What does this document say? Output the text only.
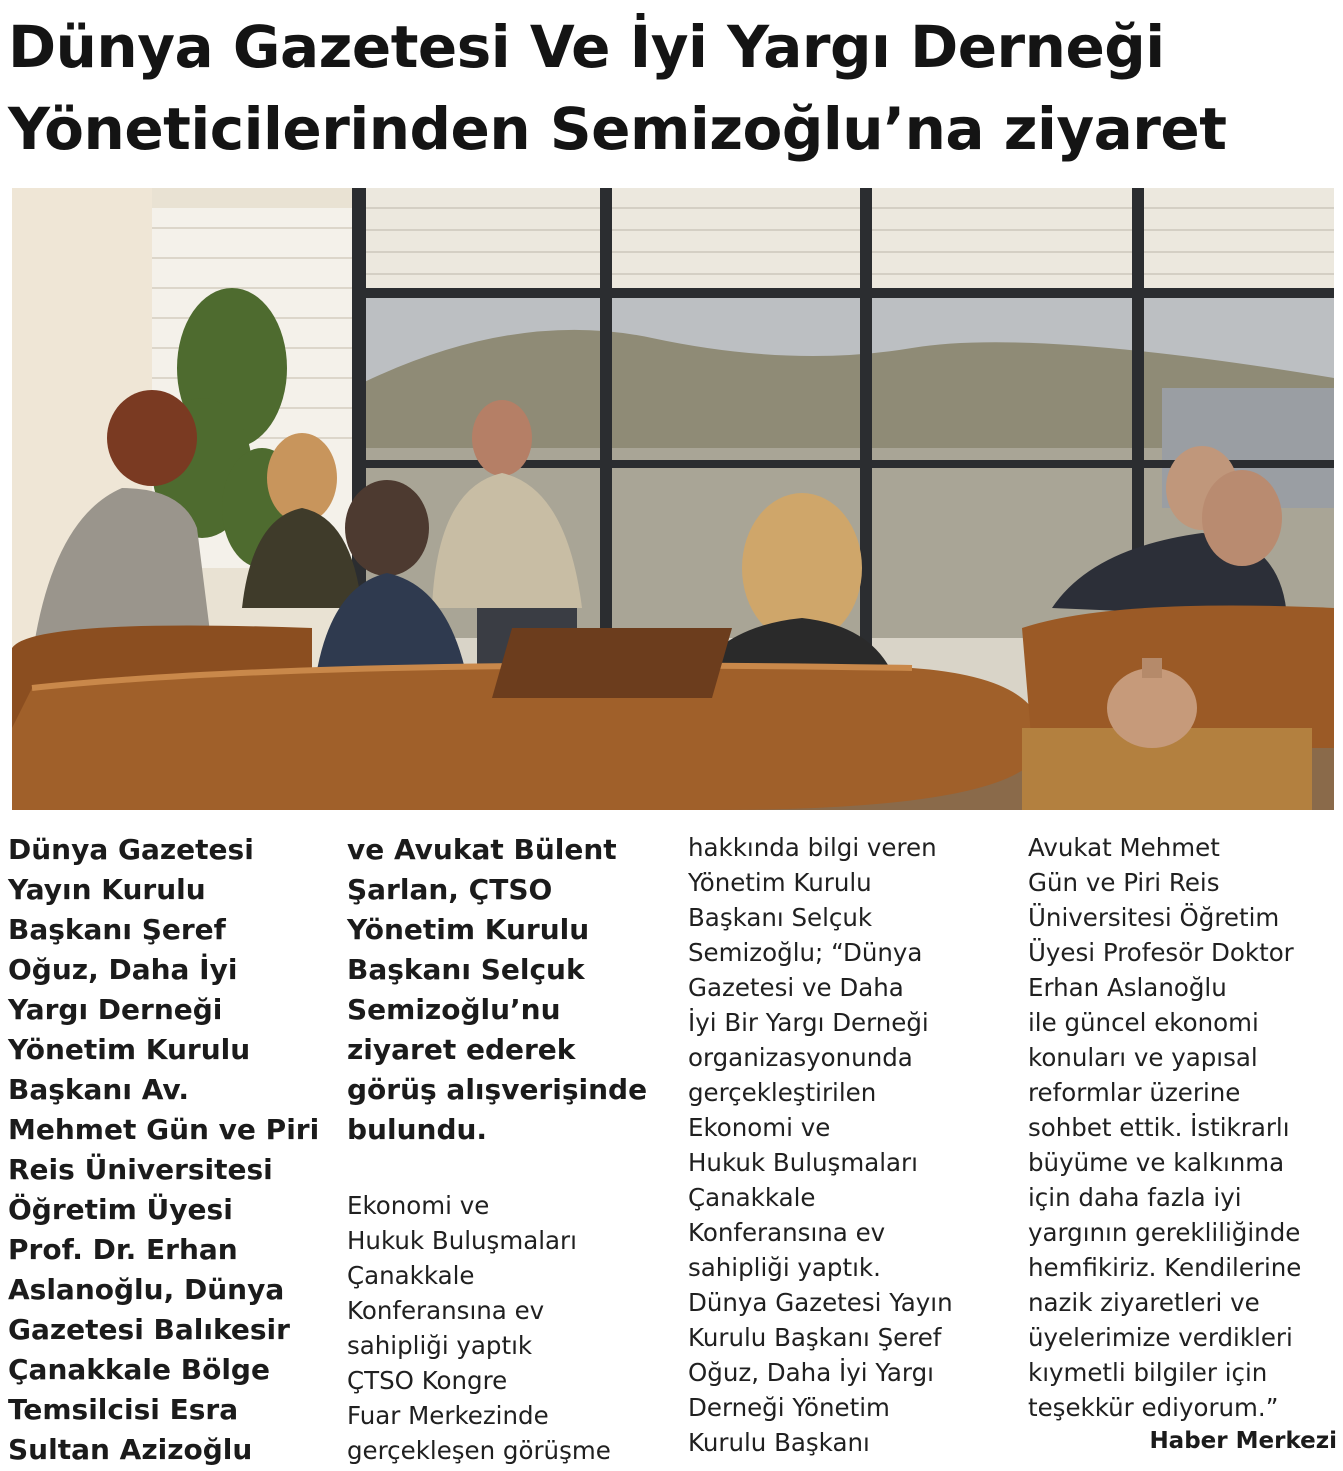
Dünya Gazetesi Ve İyi Yargı Derneği
Yöneticilerinden Semizoğlu’na ziyaret
Dünya Gazetesi
Yayın Kurulu
Başkanı Şeref
Oğuz, Daha İyi
Yargı Derneği
Yönetim Kurulu
Başkanı Av.
Mehmet Gün ve Piri
Reis Üniversitesi
Öğretim Üyesi
Prof. Dr. Erhan
Aslanoğlu, Dünya
Gazetesi Balıkesir
Çanakkale Bölge
Temsilcisi Esra
Sultan Azizoğlu
ve Avukat Bülent
Şarlan, ÇTSO
Yönetim Kurulu
Başkanı Selçuk
Semizoğlu’nu
ziyaret ederek
görüş alışverişinde
bulundu.
Ekonomi ve
Hukuk Buluşmaları
Çanakkale
Konferansına ev
sahipliği yaptık
ÇTSO Kongre
Fuar Merkezinde
gerçekleşen görüşme
hakkında bilgi veren
Yönetim Kurulu
Başkanı Selçuk
Semizoğlu; “Dünya
Gazetesi ve Daha
İyi Bir Yargı Derneği
organizasyonunda
gerçekleştirilen
Ekonomi ve
Hukuk Buluşmaları
Çanakkale
Konferansına ev
sahipliği yaptık.
Dünya Gazetesi Yayın
Kurulu Başkanı Şeref
Oğuz, Daha İyi Yargı
Derneği Yönetim
Kurulu Başkanı
Avukat Mehmet
Gün ve Piri Reis
Üniversitesi Öğretim
Üyesi Profesör Doktor
Erhan Aslanoğlu
ile güncel ekonomi
konuları ve yapısal
reformlar üzerine
sohbet ettik. İstikrarlı
büyüme ve kalkınma
için daha fazla iyi
yargının gerekliliğinde
hemfikiriz. Kendilerine
nazik ziyaretleri ve
üyelerimize verdikleri
kıymetli bilgiler için
teşekkür ediyorum.”
Haber Merkezi
